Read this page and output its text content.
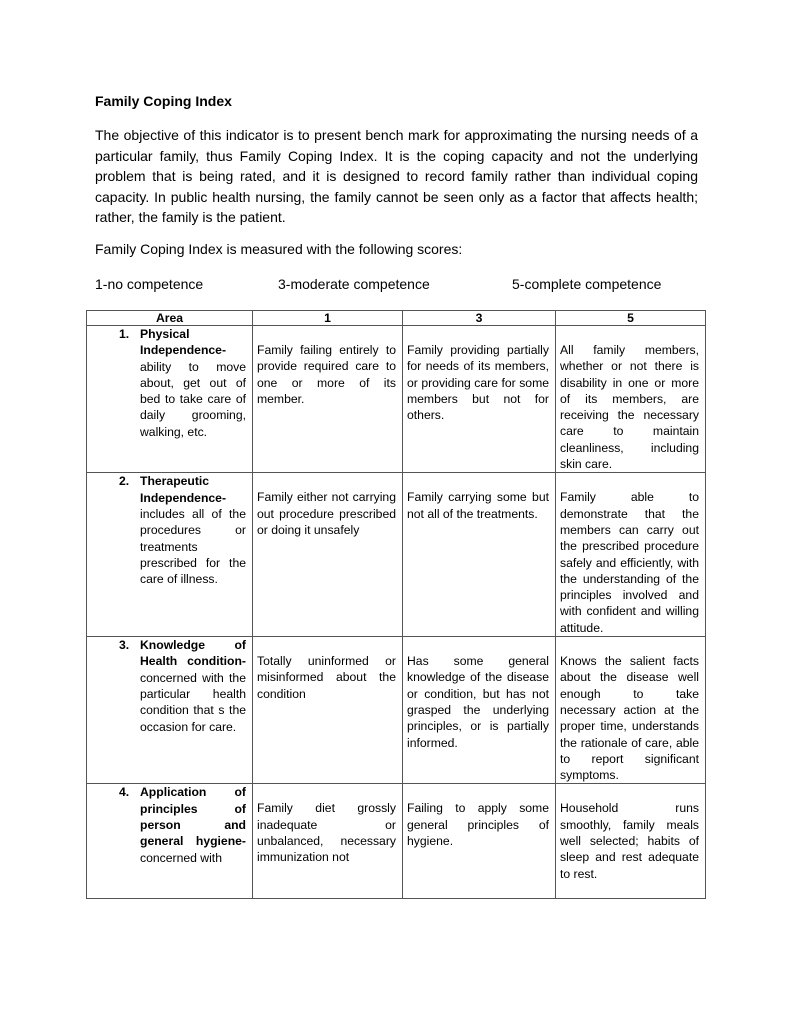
Family Coping Index

The objective of this indicator is to present bench mark for approximating the nursing needs of a particular family, thus Family Coping Index. It is the coping capacity and not the underlying problem that is being rated, and it is designed to record family rather than individual coping capacity. In public health nursing, the family cannot be seen only as a factor that affects health; rather, the family is the patient.

Family Coping Index is measured with the following scores:

1-no competence	3-moderate competence	5-complete competence
Area	1	3	5

1. Physical Independence- ability to move about, get out of bed to take care of daily grooming, walking, etc.	Family failing entirely to provide required care to one or more of its member.	Family providing partially for needs of its members, or providing care for some members but not for others.	All family members, whether or not there is disability in one or more of its members, are receiving the necessary care to maintain cleanliness, including skin care.

2. Therapeutic Independence- includes all of the procedures or treatments prescribed for the care of illness.	Family either not carrying out procedure prescribed or doing it unsafely	Family carrying some but not all of the treatments.	Family able to demonstrate that the members can carry out the prescribed procedure safely and efficiently, with the understanding of the principles involved and with confident and willing attitude.

3. Knowledge of Health condition- concerned with the particular health condition that s the occasion for care.	Totally uninformed or misinformed about the condition	Has some general knowledge of the disease or condition, but has not grasped the underlying principles, or is partially informed.	Knows the salient facts about the disease well enough to take necessary action at the proper time, understands the rationale of care, able to report significant symptoms.

4. Application of principles of person and general hygiene- concerned with	Family diet grossly inadequate or unbalanced, necessary immunization not	Failing to apply some general principles of hygiene.	Household runs smoothly, family meals well selected; habits of sleep and rest adequate to rest.
